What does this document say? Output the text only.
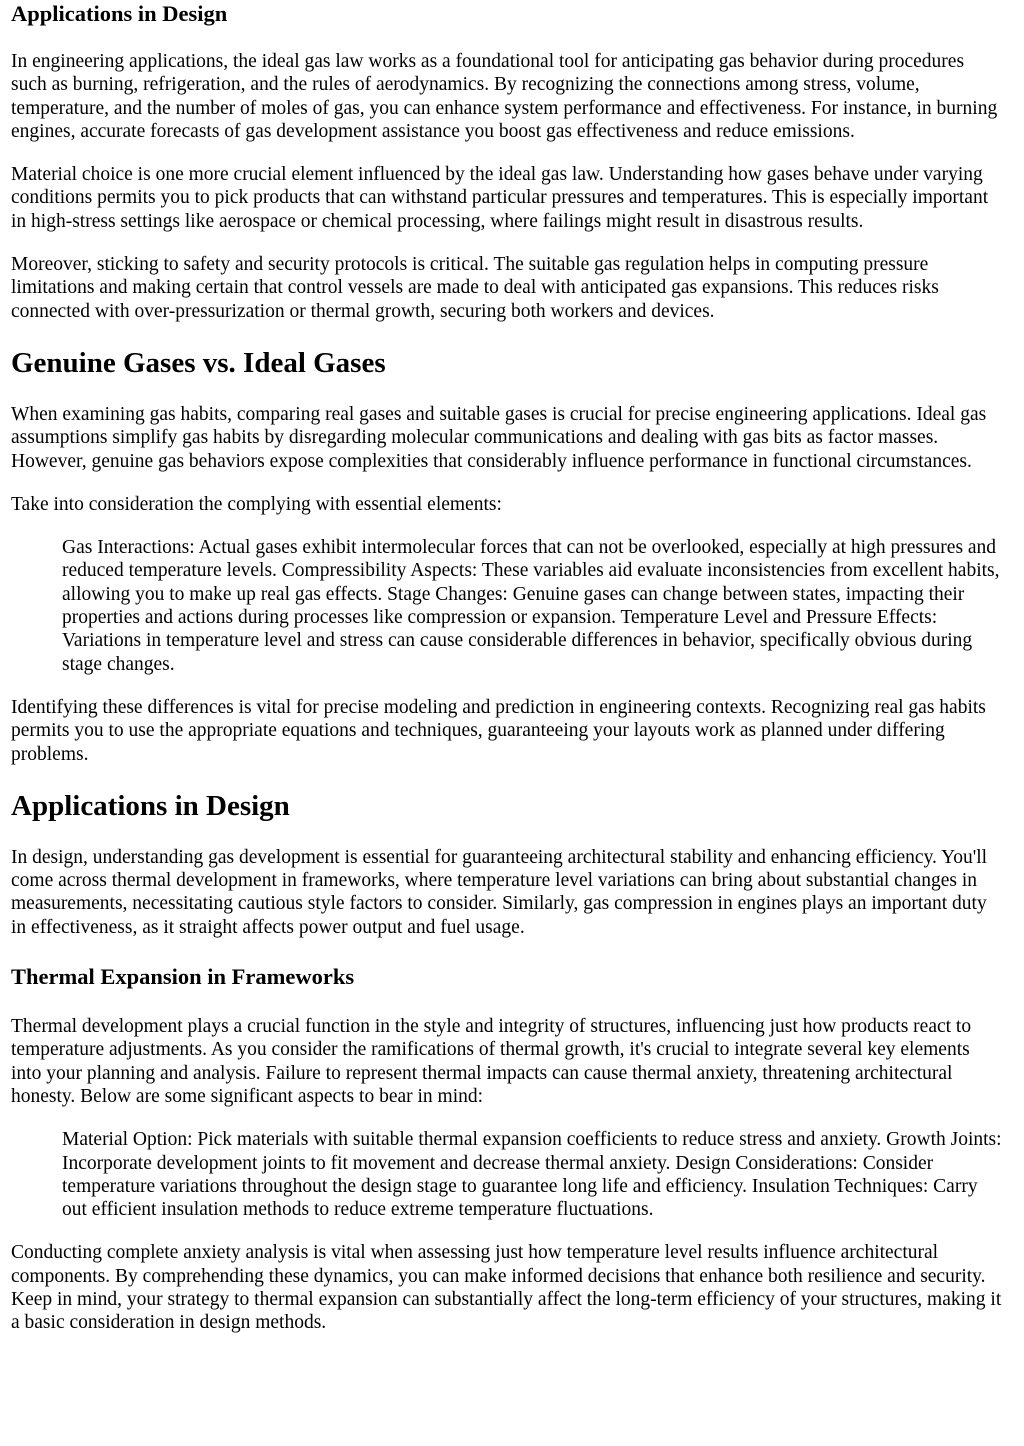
Applications in Design

In engineering applications, the ideal gas law works as a foundational tool for anticipating gas behavior during procedures such as burning, refrigeration, and the rules of aerodynamics. By recognizing the connections among stress, volume, temperature, and the number of moles of gas, you can enhance system performance and effectiveness. For instance, in burning engines, accurate forecasts of gas development assistance you boost gas effectiveness and reduce emissions.

Material choice is one more crucial element influenced by the ideal gas law. Understanding how gases behave under varying conditions permits you to pick products that can withstand particular pressures and temperatures. This is especially important in high-stress settings like aerospace or chemical processing, where failings might result in disastrous results.

Moreover, sticking to safety and security protocols is critical. The suitable gas regulation helps in computing pressure limitations and making certain that control vessels are made to deal with anticipated gas expansions. This reduces risks connected with over-pressurization or thermal growth, securing both workers and devices.

Genuine Gases vs. Ideal Gases

When examining gas habits, comparing real gases and suitable gases is crucial for precise engineering applications. Ideal gas assumptions simplify gas habits by disregarding molecular communications and dealing with gas bits as factor masses. However, genuine gas behaviors expose complexities that considerably influence performance in functional circumstances.

Take into consideration the complying with essential elements:

Gas Interactions: Actual gases exhibit intermolecular forces that can not be overlooked, especially at high pressures and reduced temperature levels. Compressibility Aspects: These variables aid evaluate inconsistencies from excellent habits, allowing you to make up real gas effects. Stage Changes: Genuine gases can change between states, impacting their properties and actions during processes like compression or expansion. Temperature Level and Pressure Effects: Variations in temperature level and stress can cause considerable differences in behavior, specifically obvious during stage changes.

Identifying these differences is vital for precise modeling and prediction in engineering contexts. Recognizing real gas habits permits you to use the appropriate equations and techniques, guaranteeing your layouts work as planned under differing problems.

Applications in Design

In design, understanding gas development is essential for guaranteeing architectural stability and enhancing efficiency. You'll come across thermal development in frameworks, where temperature level variations can bring about substantial changes in measurements, necessitating cautious style factors to consider. Similarly, gas compression in engines plays an important duty in effectiveness, as it straight affects power output and fuel usage.

Thermal Expansion in Frameworks

Thermal development plays a crucial function in the style and integrity of structures, influencing just how products react to temperature adjustments. As you consider the ramifications of thermal growth, it's crucial to integrate several key elements into your planning and analysis. Failure to represent thermal impacts can cause thermal anxiety, threatening architectural honesty. Below are some significant aspects to bear in mind:

Material Option: Pick materials with suitable thermal expansion coefficients to reduce stress and anxiety. Growth Joints: Incorporate development joints to fit movement and decrease thermal anxiety. Design Considerations: Consider temperature variations throughout the design stage to guarantee long life and efficiency. Insulation Techniques: Carry out efficient insulation methods to reduce extreme temperature fluctuations.

Conducting complete anxiety analysis is vital when assessing just how temperature level results influence architectural components. By comprehending these dynamics, you can make informed decisions that enhance both resilience and security. Keep in mind, your strategy to thermal expansion can substantially affect the long-term efficiency of your structures, making it a basic consideration in design methods.
